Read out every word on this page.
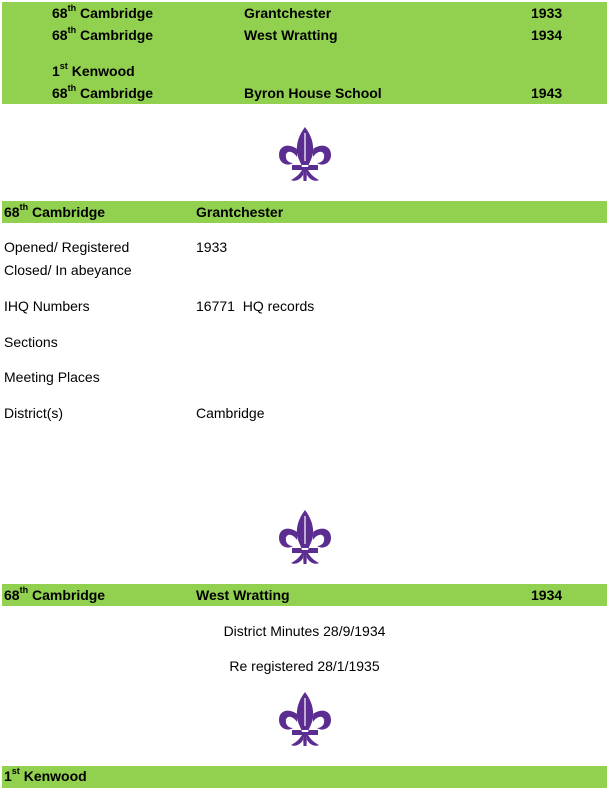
68th Cambridge	Grantchester	1933
68th Cambridge	West Wratting	1934
1st Kenwood
68th Cambridge	Byron House School	1943
68th Cambridge	Grantchester
Opened/ Registered	1933
Closed/ In abeyance
IHQ Numbers	16771  HQ records
Sections
Meeting Places
District(s)	Cambridge
68th Cambridge	West Wratting	1934
District Minutes 28/9/1934
Re registered 28/1/1935
1st Kenwood
